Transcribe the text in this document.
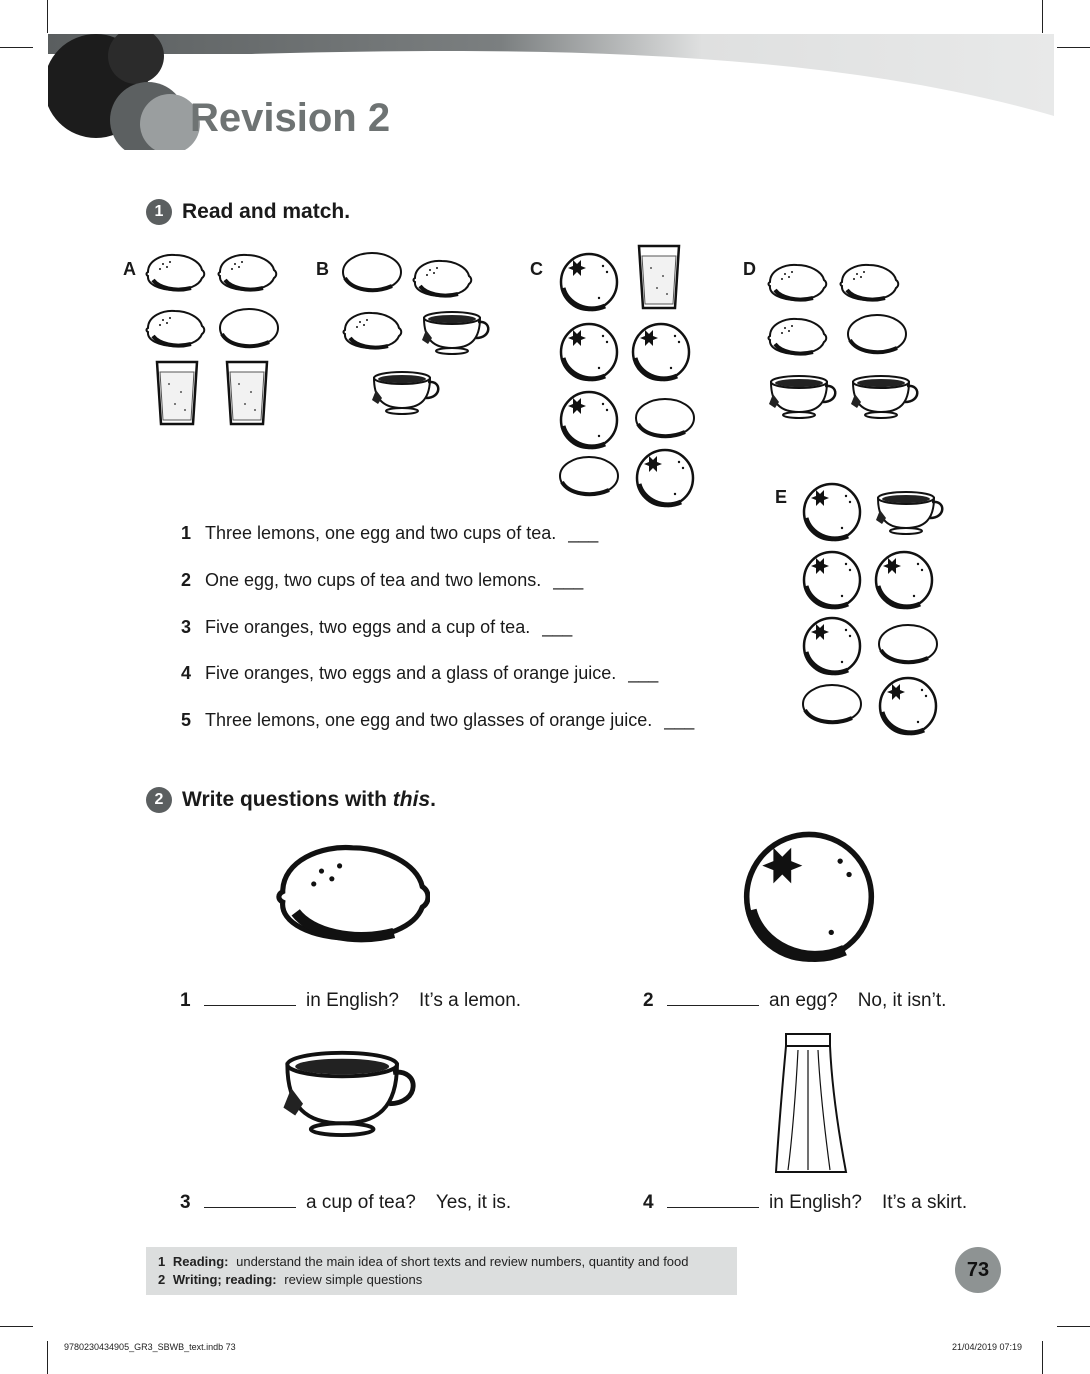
Revision 2
1 Read and match.
A	B	C	D
E
1 Three lemons, one egg and two cups of tea. ___
2 One egg, two cups of tea and two lemons. ___
3 Five oranges, two eggs and a cup of tea. ___
4 Five oranges, two eggs and a glass of orange juice. ___
5 Three lemons, one egg and two glasses of orange juice. ___
2 Write questions with this.
1	in English? It’s a lemon.	2	an egg? No, it isn’t.
3	a cup of tea? Yes, it is.	4	in English? It’s a skirt.
1 Reading: understand the main idea of short texts and review numbers, quantity and food
2 Writing; reading: review simple questions	73
9780230434905_GR3_SBWB_text.indb 73	21/04/2019 07:19
